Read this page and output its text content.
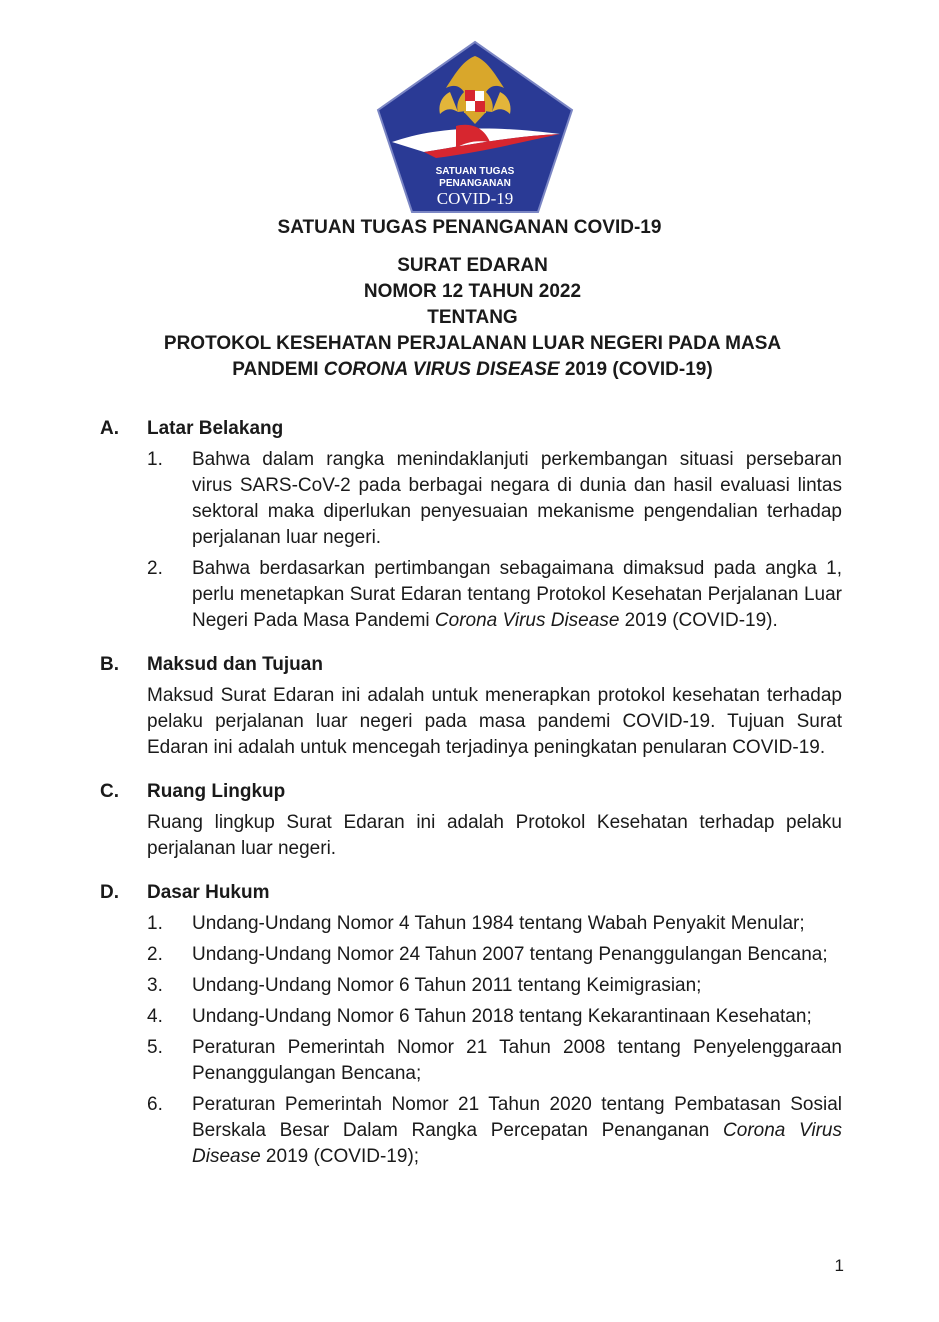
SATUAN TUGAS
PENANGANAN
COVID-19
SATUAN TUGAS PENANGANAN COVID-19
SURAT EDARAN
NOMOR 12 TAHUN 2022
TENTANG
PROTOKOL KESEHATAN PERJALANAN LUAR NEGERI PADA MASA
PANDEMI CORONA VIRUS DISEASE 2019 (COVID-19)
A.	Latar Belakang
1.	Bahwa dalam rangka menindaklanjuti perkembangan situasi persebaran virus SARS-CoV-2 pada berbagai negara di dunia dan hasil evaluasi lintas sektoral maka diperlukan penyesuaian mekanisme pengendalian terhadap perjalanan luar negeri.
2.	Bahwa berdasarkan pertimbangan sebagaimana dimaksud pada angka 1, perlu menetapkan Surat Edaran tentang Protokol Kesehatan Perjalanan Luar Negeri Pada Masa Pandemi Corona Virus Disease 2019 (COVID-19).
B.	Maksud dan Tujuan
Maksud Surat Edaran ini adalah untuk menerapkan protokol kesehatan terhadap pelaku perjalanan luar negeri pada masa pandemi COVID-19. Tujuan Surat Edaran ini adalah untuk mencegah terjadinya peningkatan penularan COVID-19.
C.	Ruang Lingkup
Ruang lingkup Surat Edaran ini adalah Protokol Kesehatan terhadap pelaku perjalanan luar negeri.
D.	Dasar Hukum
1.	Undang-Undang Nomor 4 Tahun 1984 tentang Wabah Penyakit Menular;
2.	Undang-Undang Nomor 24 Tahun 2007 tentang Penanggulangan Bencana;
3.	Undang-Undang Nomor 6 Tahun 2011 tentang Keimigrasian;
4.	Undang-Undang Nomor 6 Tahun 2018 tentang Kekarantinaan Kesehatan;
5.	Peraturan Pemerintah Nomor 21 Tahun 2008 tentang Penyelenggaraan Penanggulangan Bencana;
6.	Peraturan Pemerintah Nomor 21 Tahun 2020 tentang Pembatasan Sosial Berskala Besar Dalam Rangka Percepatan Penanganan Corona Virus Disease 2019 (COVID-19);
1
